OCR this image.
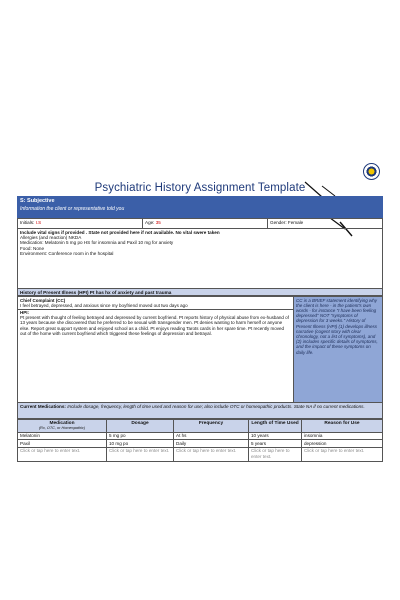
Psychiatric History Assignment Template
S: Subjective
Information the client or representative told you
Initials: I.S	Age: 35	Gender: Female
Include vital signs if provided . State not provided here if not available. No vital swere taken
Allergies (and reaction) NKDA
Medication: Melatonin 5 mg po HS for insomnia and Paxil 10 mg for anxiety
Food: None
Environment: Conference room in the hospital
History of Present Illness (HPI) Pt has hx of anxiety and past trauma
Chief Complaint (CC)
I feel betrayed, depressed, and anxious since my boyfriend moved out two days ago
HPI:
Pt present with thought of feeling betrayed and depressed by current boyfriend. Pt reports history of physical abuse from ex-husband of 13 years because she discovered that he preferred to be sexual with transgender men. Pt denies wanting to harm herself or anyone else. Report great support system and enjoyed school as a child. Pt enjoys reading Tarots cards in her spare time. Pt recently moved out of the home with current boyfriend which triggered these feelings of depression and betrayal.
	CC is a BRIEF statement identifying why the client is here - in the patient's own words - for instance "I have been feeling depressed" NOT "symptoms of depression for 3 weeks." History of Present Illness (HPI) (1) develops illness narrative (cogent story with clear chronology, not a list of symptoms), and (2) includes specific details of symptoms, and the impact of these symptoms on daily life.
Current Medications: Include dosage, frequency, length of time used and reason for use; also include OTC or homeopathic products. State NA if no current medications.
Medication
(Rx, OTC, or Homeopathic)	Dosage	Frequency	Length of Time Used	Reason for Use
Melatonin	5 mg po	At hs	10 years	insomnia
Paxil	10 mg po	Daily	5 years	depression
Click or tap here to enter text.	Click or tap here to enter text.	Click or tap here to enter text.	Click or tap here to enter text.	Click or tap here to enter text.
